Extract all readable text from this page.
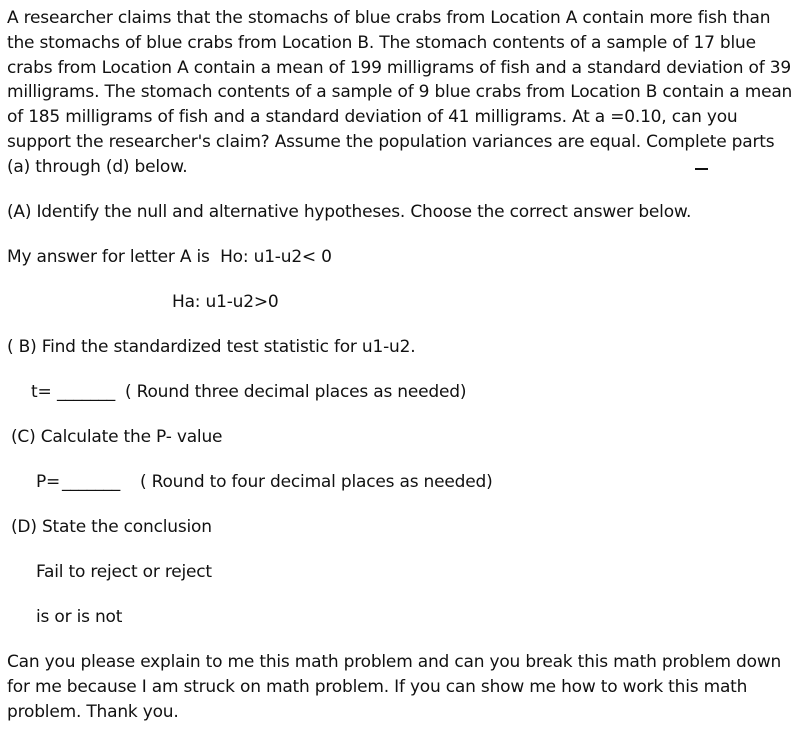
A researcher claims that the stomachs of blue crabs from Location A contain more fish than the stomachs of blue crabs from Location B. The stomach contents of a sample of 17 blue crabs from Location A contain a mean of 199 milligrams of fish and a standard deviation of 39 milligrams. The stomach contents of a sample of 9 blue crabs from Location B contain a mean of 185 milligrams of fish and a standard deviation of 41 milligrams. At a =0.10, can you support the researcher's claim? Assume the population variances are equal. Complete parts (a) through (d) below.
(A) Identify the null and alternative hypotheses. Choose the correct answer below.
My answer for letter A is  Ho: u1-u2< 0
Ha: u1-u2>0
( B) Find the standardized test statistic for u1-u2.
t= _______ ( Round three decimal places as needed)
(C) Calculate the P- value
P= _______ ( Round to four decimal places as needed)
(D) State the conclusion
Fail to reject or reject
is or is not
Can you please explain to me this math problem and can you break this math problem down for me because I am struck on math problem. If you can show me how to work this math problem. Thank you.
